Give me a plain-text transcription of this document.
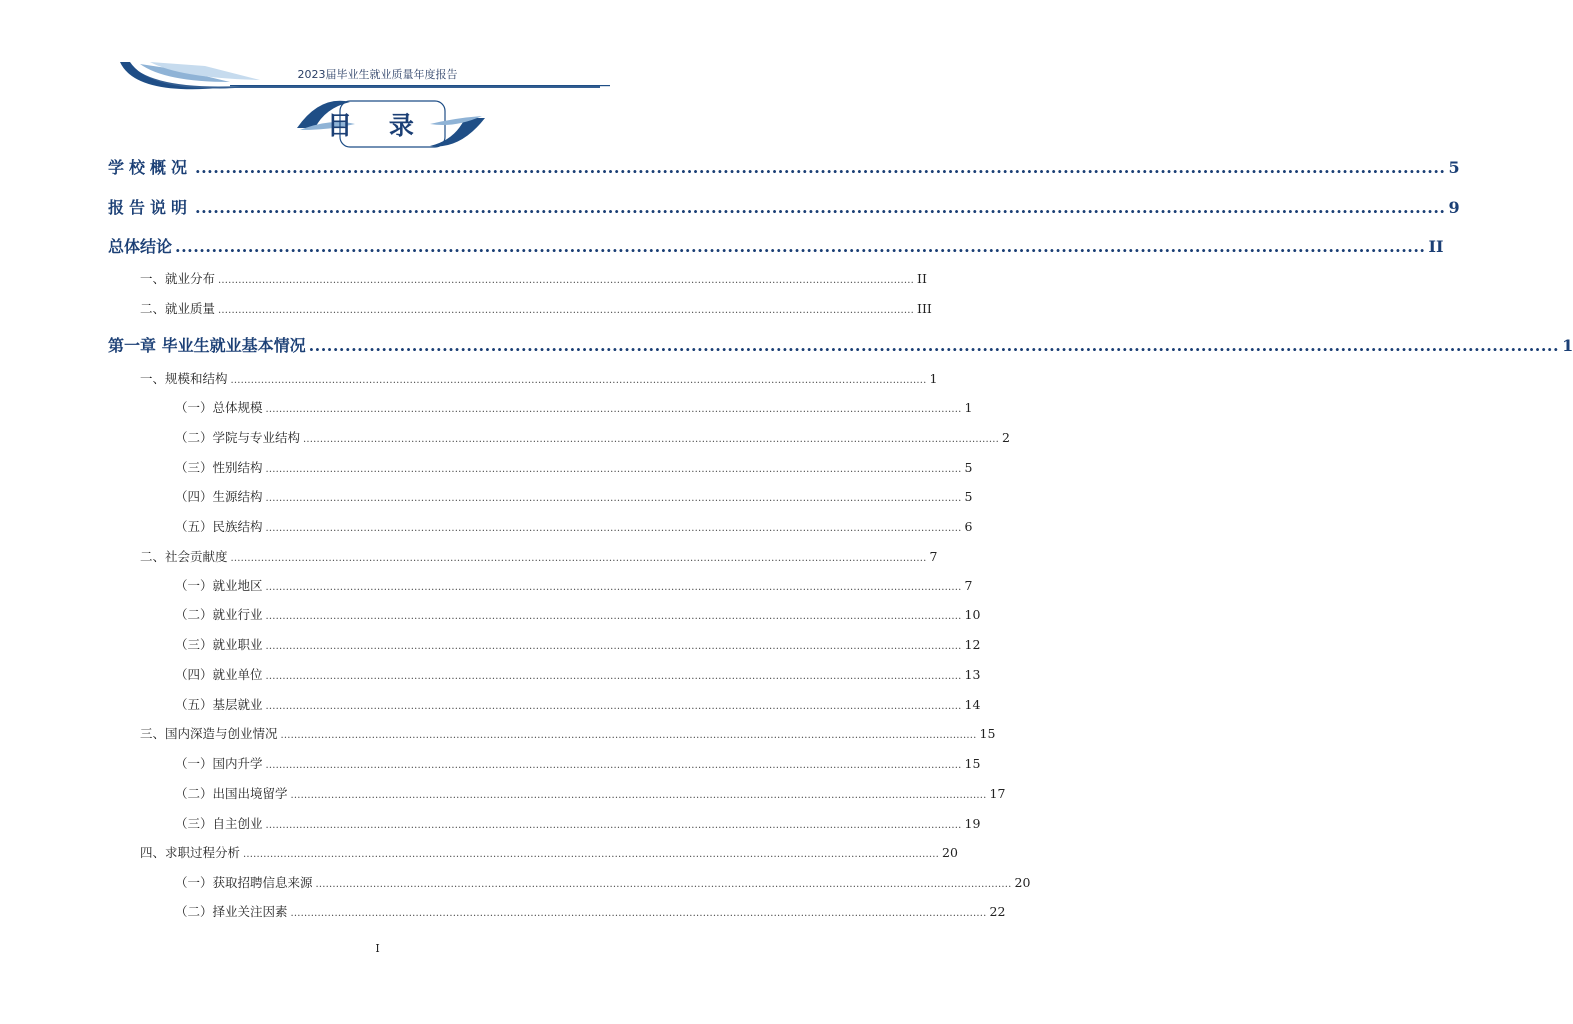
2023届毕业生就业质量年度报告
目 录
学校概况 .............................................................................................................................................................................................................. 5
报告说明 .............................................................................................................................................................................................................. 9
总体结论 .............................................................................................................................................................................................................. II
一、就业分布 .............................................................................................................................................................................................................. II
二、就业质量 .............................................................................................................................................................................................................. III
第一章 毕业生就业基本情况 .............................................................................................................................................................................................................. 1
一、规模和结构 .............................................................................................................................................................................................................. 1
（一）总体规模 .............................................................................................................................................................................................................. 1
（二）学院与专业结构 .............................................................................................................................................................................................................. 2
（三）性别结构 .............................................................................................................................................................................................................. 5
（四）生源结构 .............................................................................................................................................................................................................. 5
（五）民族结构 .............................................................................................................................................................................................................. 6
二、社会贡献度 .............................................................................................................................................................................................................. 7
（一）就业地区 .............................................................................................................................................................................................................. 7
（二）就业行业 .............................................................................................................................................................................................................. 10
（三）就业职业 .............................................................................................................................................................................................................. 12
（四）就业单位 .............................................................................................................................................................................................................. 13
（五）基层就业 .............................................................................................................................................................................................................. 14
三、国内深造与创业情况 .............................................................................................................................................................................................................. 15
（一）国内升学 .............................................................................................................................................................................................................. 15
（二）出国出境留学 .............................................................................................................................................................................................................. 17
（三）自主创业 .............................................................................................................................................................................................................. 19
四、求职过程分析 .............................................................................................................................................................................................................. 20
（一）获取招聘信息来源 .............................................................................................................................................................................................................. 20
（二）择业关注因素 .............................................................................................................................................................................................................. 22
I
